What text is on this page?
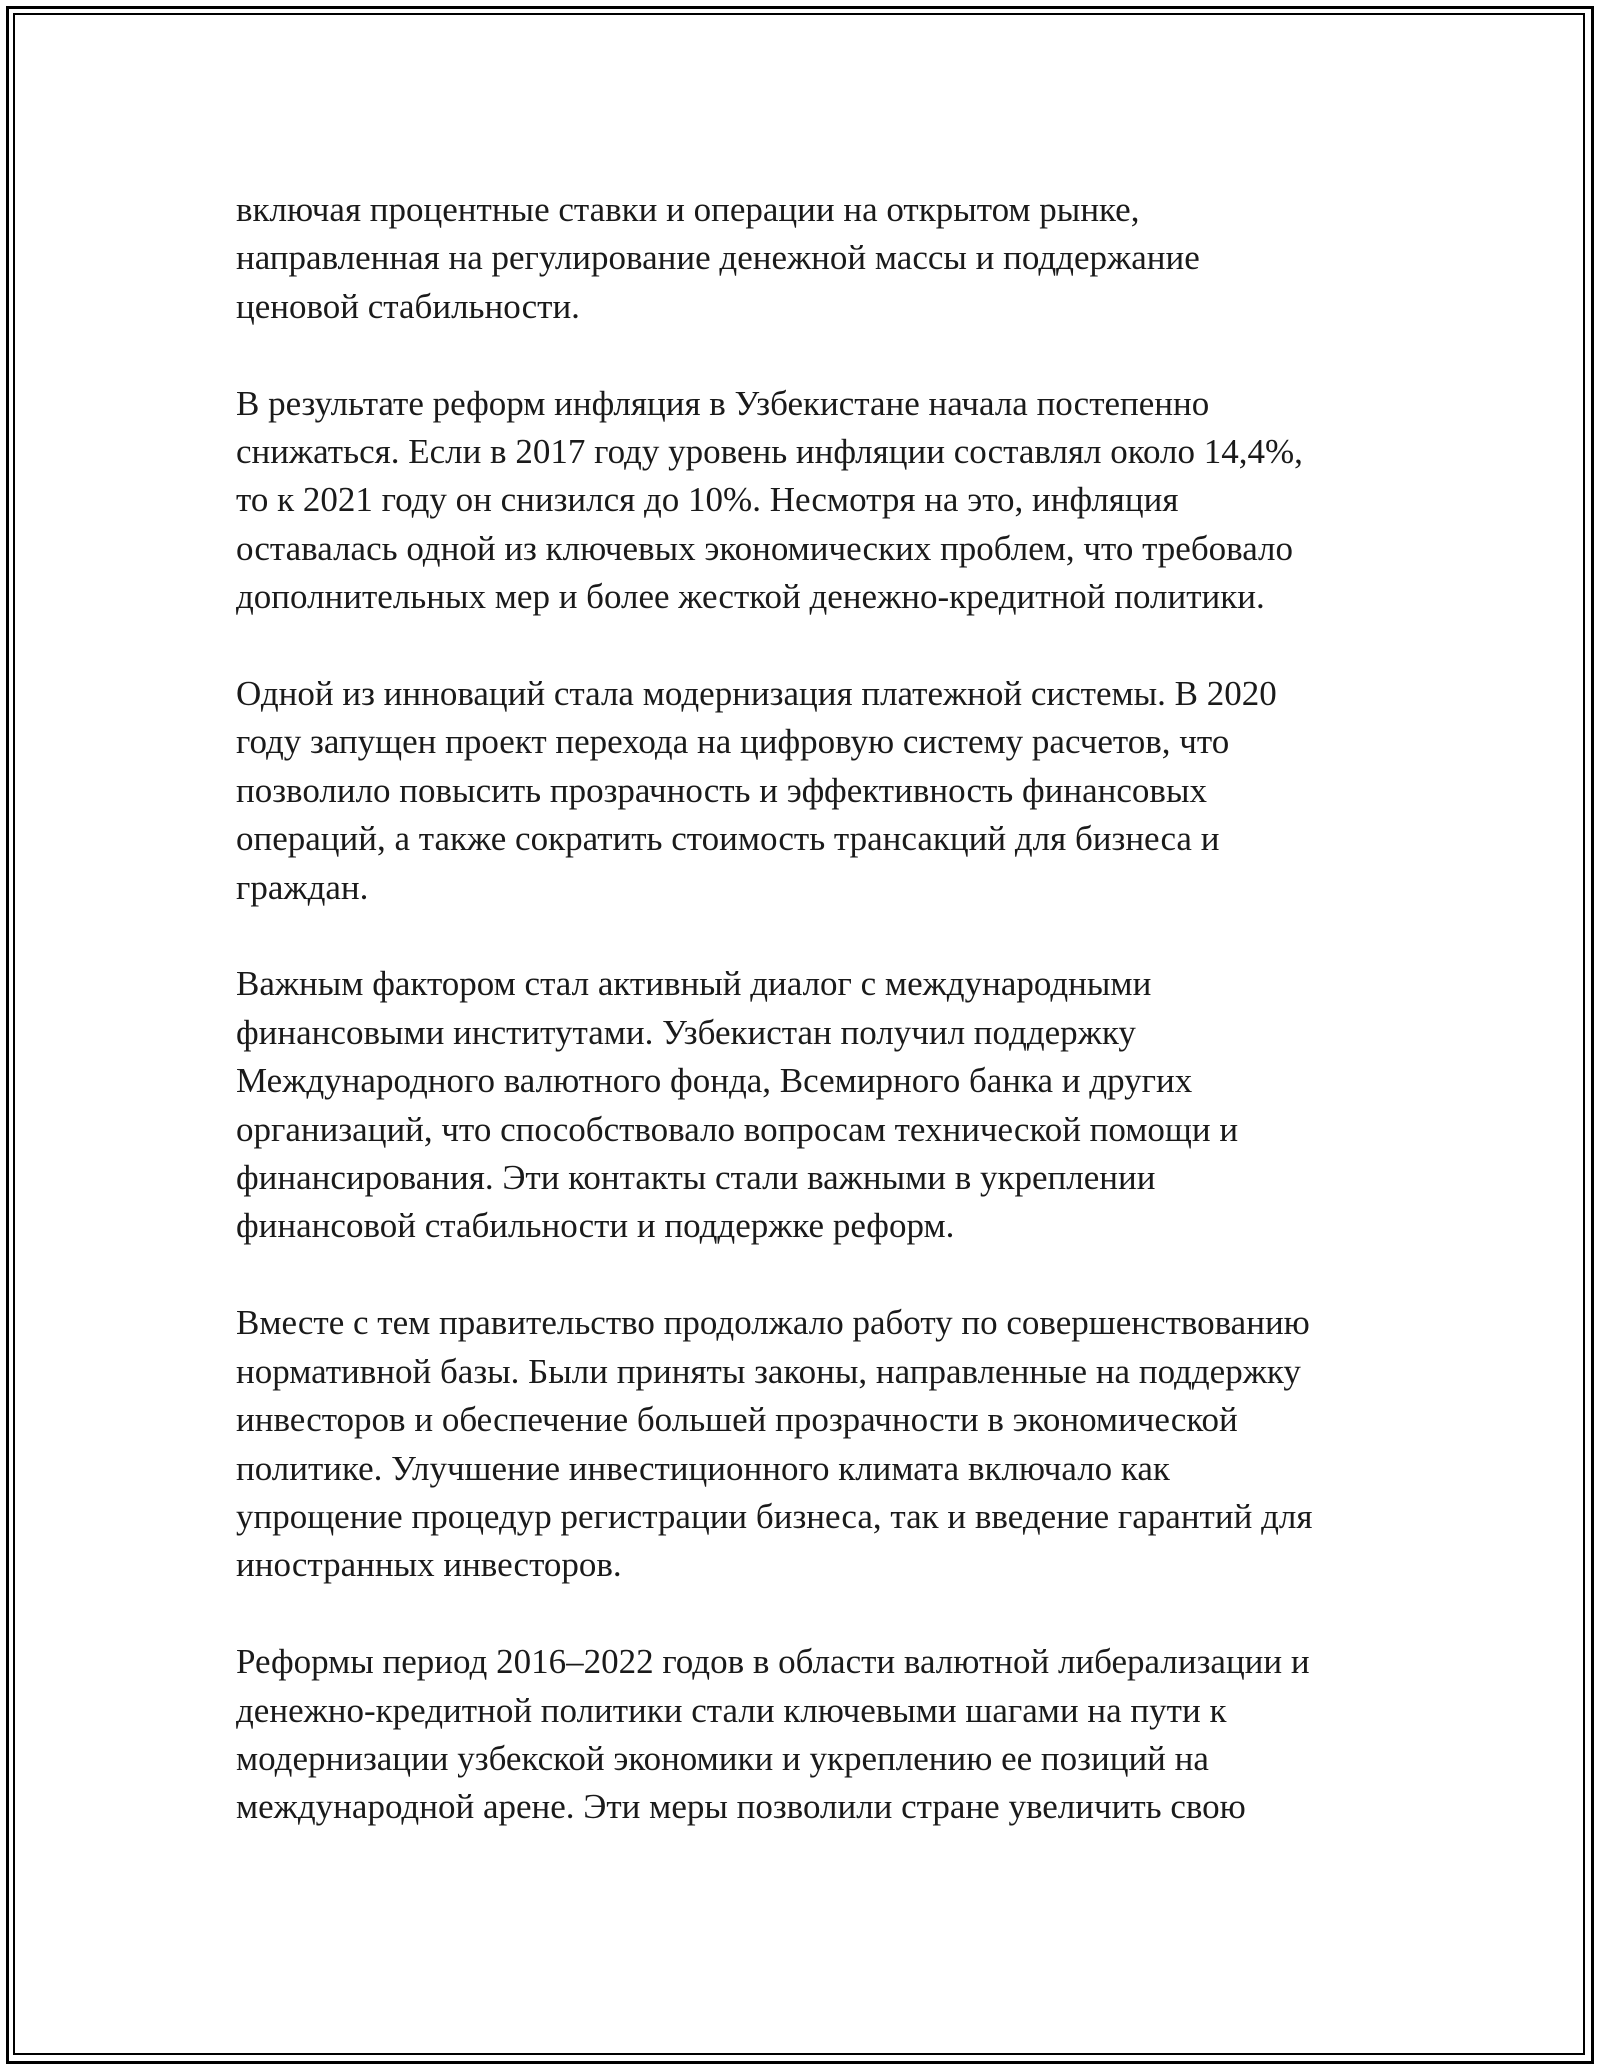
включая процентные ставки и операции на открытом рынке,
направленная на регулирование денежной массы и поддержание
ценовой стабильности.
В результате реформ инфляция в Узбекистане начала постепенно
снижаться. Если в 2017 году уровень инфляции составлял около 14,4%,
то к 2021 году он снизился до 10%. Несмотря на это, инфляция
оставалась одной из ключевых экономических проблем, что требовало
дополнительных мер и более жесткой денежно-кредитной политики.
Одной из инноваций стала модернизация платежной системы. В 2020
году запущен проект перехода на цифровую систему расчетов, что
позволило повысить прозрачность и эффективность финансовых
операций, а также сократить стоимость трансакций для бизнеса и
граждан.
Важным фактором стал активный диалог с международными
финансовыми институтами. Узбекистан получил поддержку
Международного валютного фонда, Всемирного банка и других
организаций, что способствовало вопросам технической помощи и
финансирования. Эти контакты стали важными в укреплении
финансовой стабильности и поддержке реформ.
Вместе с тем правительство продолжало работу по совершенствованию
нормативной базы. Были приняты законы, направленные на поддержку
инвесторов и обеспечение большей прозрачности в экономической
политике. Улучшение инвестиционного климата включало как
упрощение процедур регистрации бизнеса, так и введение гарантий для
иностранных инвесторов.
Реформы период 2016–2022 годов в области валютной либерализации и
денежно-кредитной политики стали ключевыми шагами на пути к
модернизации узбекской экономики и укреплению ее позиций на
международной арене. Эти меры позволили стране увеличить свою
